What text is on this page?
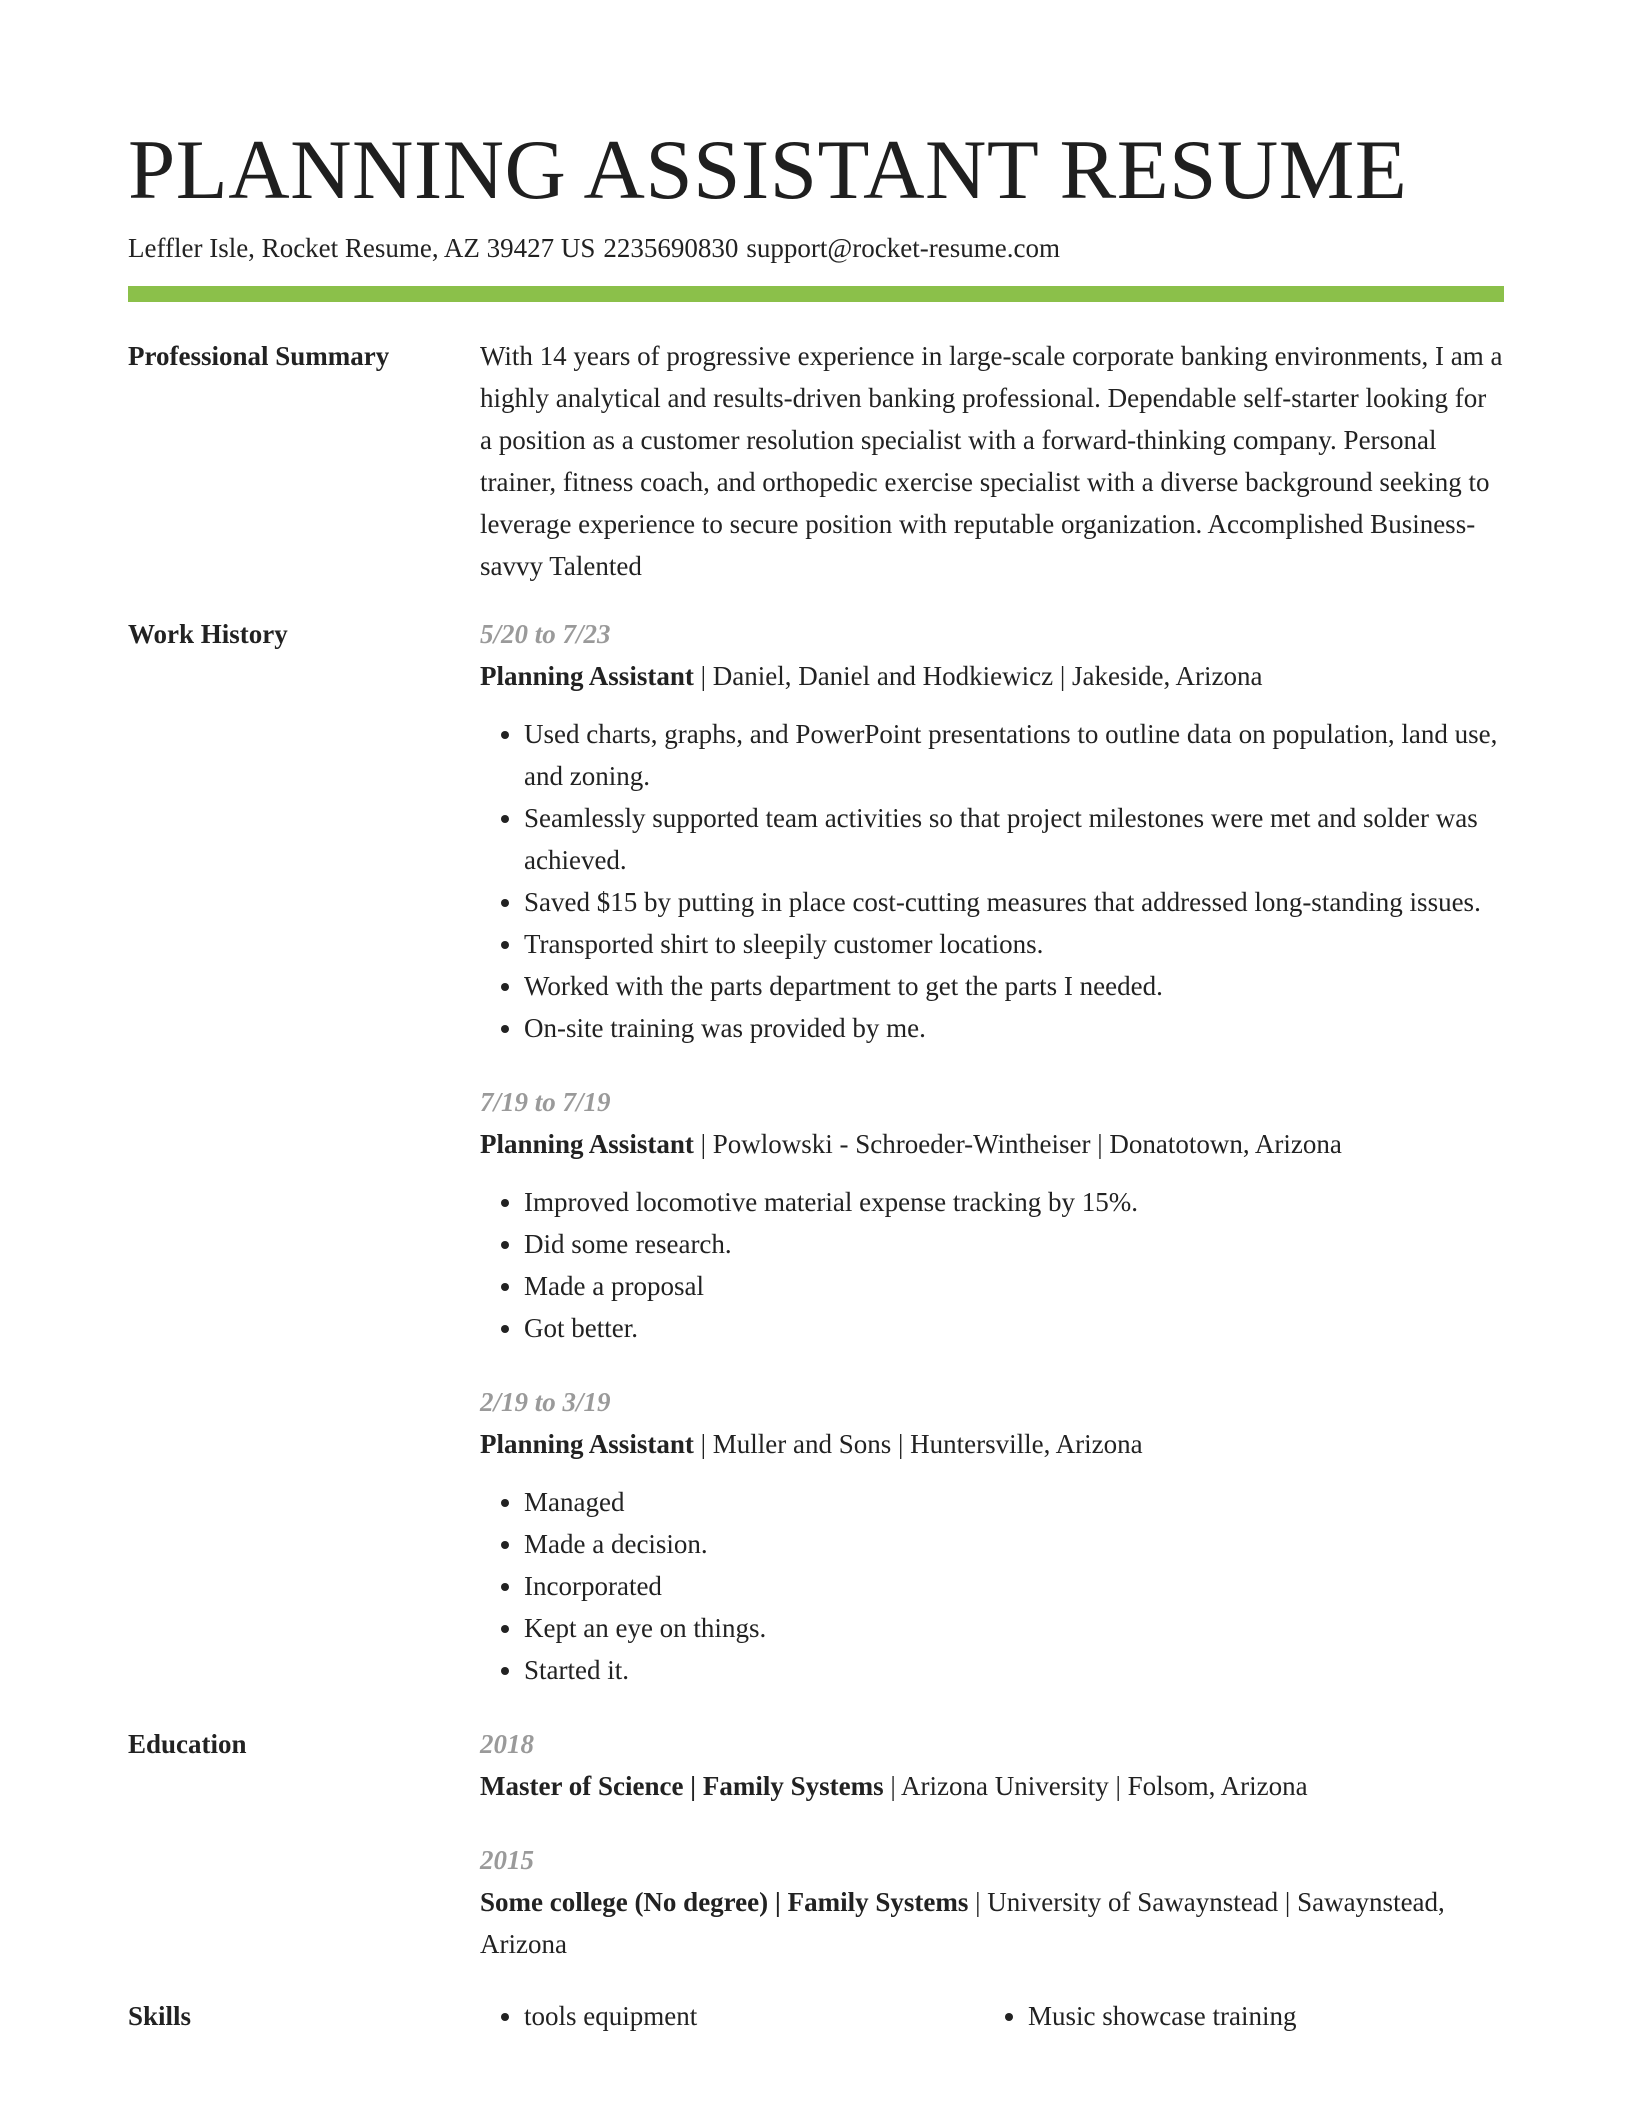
PLANNING ASSISTANT RESUME
Leffler Isle, Rocket Resume, AZ 39427 US 2235690830 support@rocket-resume.com
Professional Summary	With 14 years of progressive experience in large-scale corporate banking environments, I am a highly analytical and results-driven banking professional. Dependable self-starter looking for a position as a customer resolution specialist with a forward-thinking company. Personal trainer, fitness coach, and orthopedic exercise specialist with a diverse background seeking to leverage experience to secure position with reputable organization. Accomplished Business-savvy Talented
Work History	5/20 to 7/23
Planning Assistant | Daniel, Daniel and Hodkiewicz | Jakeside, Arizona
• Used charts, graphs, and PowerPoint presentations to outline data on population, land use, and zoning.
• Seamlessly supported team activities so that project milestones were met and solder was achieved.
• Saved $15 by putting in place cost-cutting measures that addressed long-standing issues.
• Transported shirt to sleepily customer locations.
• Worked with the parts department to get the parts I needed.
• On-site training was provided by me.
7/19 to 7/19
Planning Assistant | Powlowski - Schroeder-Wintheiser | Donatotown, Arizona
• Improved locomotive material expense tracking by 15%.
• Did some research.
• Made a proposal
• Got better.
2/19 to 3/19
Planning Assistant | Muller and Sons | Huntersville, Arizona
• Managed
• Made a decision.
• Incorporated
• Kept an eye on things.
• Started it.
Education	2018
Master of Science | Family Systems | Arizona University | Folsom, Arizona
2015
Some college (No degree) | Family Systems | University of Sawaynstead | Sawaynstead, Arizona
Skills	• tools equipment	• Music showcase training
